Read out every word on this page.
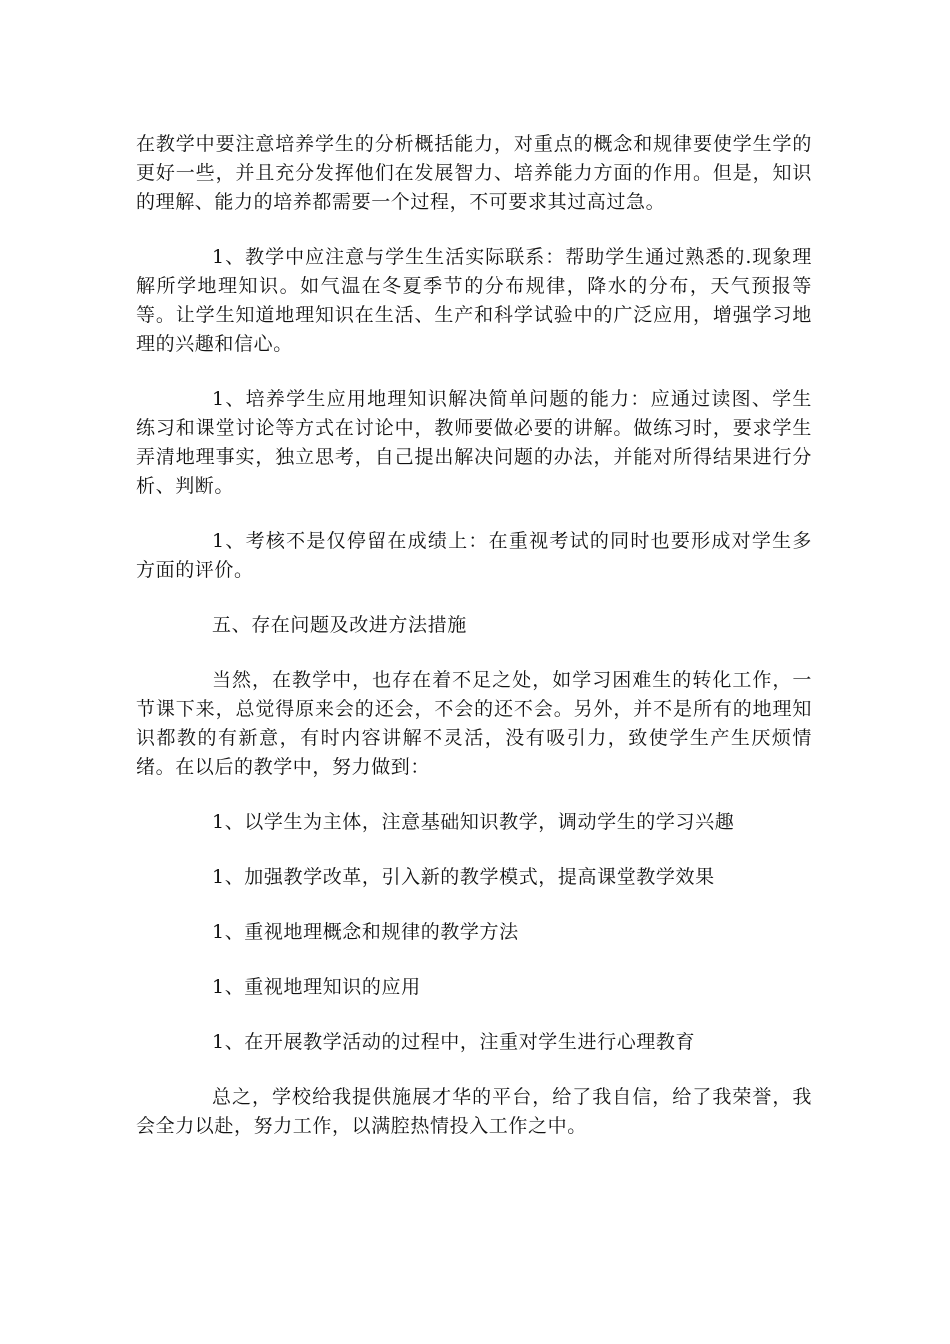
在教学中要注意培养学生的分析概括能力，对重点的概念和规律要使学生学的更好一些，并且充分发挥他们在发展智力、培养能力方面的作用。但是，知识的理解、能力的培养都需要一个过程，不可要求其过高过急。

1、教学中应注意与学生生活实际联系：帮助学生通过熟悉的.现象理解所学地理知识。如气温在冬夏季节的分布规律，降水的分布，天气预报等等。让学生知道地理知识在生活、生产和科学试验中的广泛应用，增强学习地理的兴趣和信心。

1、培养学生应用地理知识解决简单问题的能力：应通过读图、学生练习和课堂讨论等方式在讨论中，教师要做必要的讲解。做练习时，要求学生弄清地理事实，独立思考，自己提出解决问题的办法，并能对所得结果进行分析、判断。

1、考核不是仅停留在成绩上：在重视考试的同时也要形成对学生多方面的评价。

五、存在问题及改进方法措施

当然，在教学中，也存在着不足之处，如学习困难生的转化工作，一节课下来，总觉得原来会的还会，不会的还不会。另外，并不是所有的地理知识都教的有新意，有时内容讲解不灵活，没有吸引力，致使学生产生厌烦情绪。在以后的教学中，努力做到：

1、以学生为主体，注意基础知识教学，调动学生的学习兴趣

1、加强教学改革，引入新的教学模式，提高课堂教学效果

1、重视地理概念和规律的教学方法

1、重视地理知识的应用

1、在开展教学活动的过程中，注重对学生进行心理教育

总之，学校给我提供施展才华的平台，给了我自信，给了我荣誉，我会全力以赴，努力工作，以满腔热情投入工作之中。
